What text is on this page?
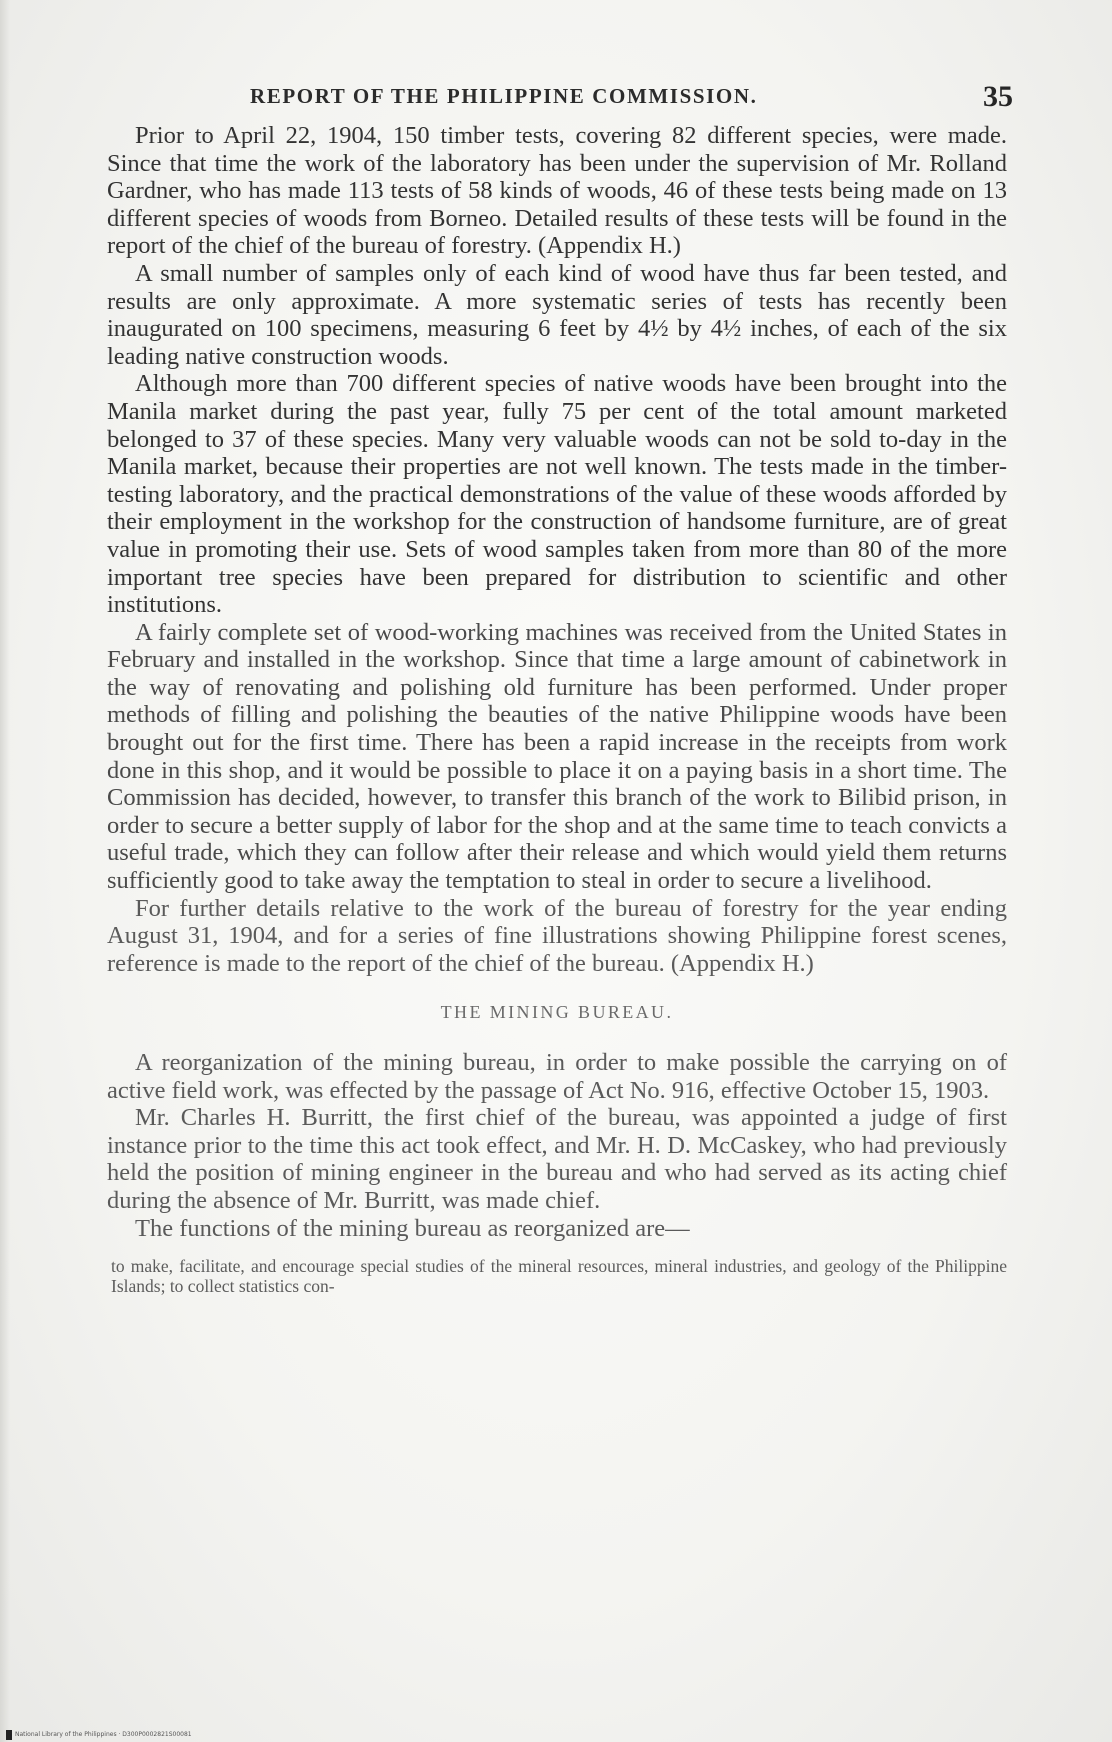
REPORT OF THE PHILIPPINE COMMISSION.	35

Prior to April 22, 1904, 150 timber tests, covering 82 different species, were made. Since that time the work of the laboratory has been under the supervision of Mr. Rolland Gardner, who has made 113 tests of 58 kinds of woods, 46 of these tests being made on 13 different species of woods from Borneo. Detailed results of these tests will be found in the report of the chief of the bureau of forestry. (Appendix H.)

A small number of samples only of each kind of wood have thus far been tested, and results are only approximate. A more systematic series of tests has recently been inaugurated on 100 specimens, measuring 6 feet by 4½ by 4½ inches, of each of the six leading native construction woods.

Although more than 700 different species of native woods have been brought into the Manila market during the past year, fully 75 per cent of the total amount marketed belonged to 37 of these species. Many very valuable woods can not be sold to-day in the Manila market, because their properties are not well known. The tests made in the timber-testing laboratory, and the practical demonstrations of the value of these woods afforded by their employment in the workshop for the construction of handsome furniture, are of great value in promoting their use. Sets of wood samples taken from more than 80 of the more important tree species have been prepared for distribution to scientific and other institutions.

A fairly complete set of wood-working machines was received from the United States in February and installed in the workshop. Since that time a large amount of cabinetwork in the way of renovating and polishing old furniture has been performed. Under proper methods of filling and polishing the beauties of the native Philippine woods have been brought out for the first time. There has been a rapid increase in the receipts from work done in this shop, and it would be possible to place it on a paying basis in a short time. The Commission has decided, however, to transfer this branch of the work to Bilibid prison, in order to secure a better supply of labor for the shop and at the same time to teach convicts a useful trade, which they can follow after their release and which would yield them returns sufficiently good to take away the temptation to steal in order to secure a livelihood.

For further details relative to the work of the bureau of forestry for the year ending August 31, 1904, and for a series of fine illustrations showing Philippine forest scenes, reference is made to the report of the chief of the bureau. (Appendix H.)

THE MINING BUREAU.

A reorganization of the mining bureau, in order to make possible the carrying on of active field work, was effected by the passage of Act No. 916, effective October 15, 1903.

Mr. Charles H. Burritt, the first chief of the bureau, was appointed a judge of first instance prior to the time this act took effect, and Mr. H. D. McCaskey, who had previously held the position of mining engineer in the bureau and who had served as its acting chief during the absence of Mr. Burritt, was made chief.

The functions of the mining bureau as reorganized are—

to make, facilitate, and encourage special studies of the mineral resources, mineral industries, and geology of the Philippine Islands; to collect statistics con-
National Library of the Philippines · D300P0002821S00081
